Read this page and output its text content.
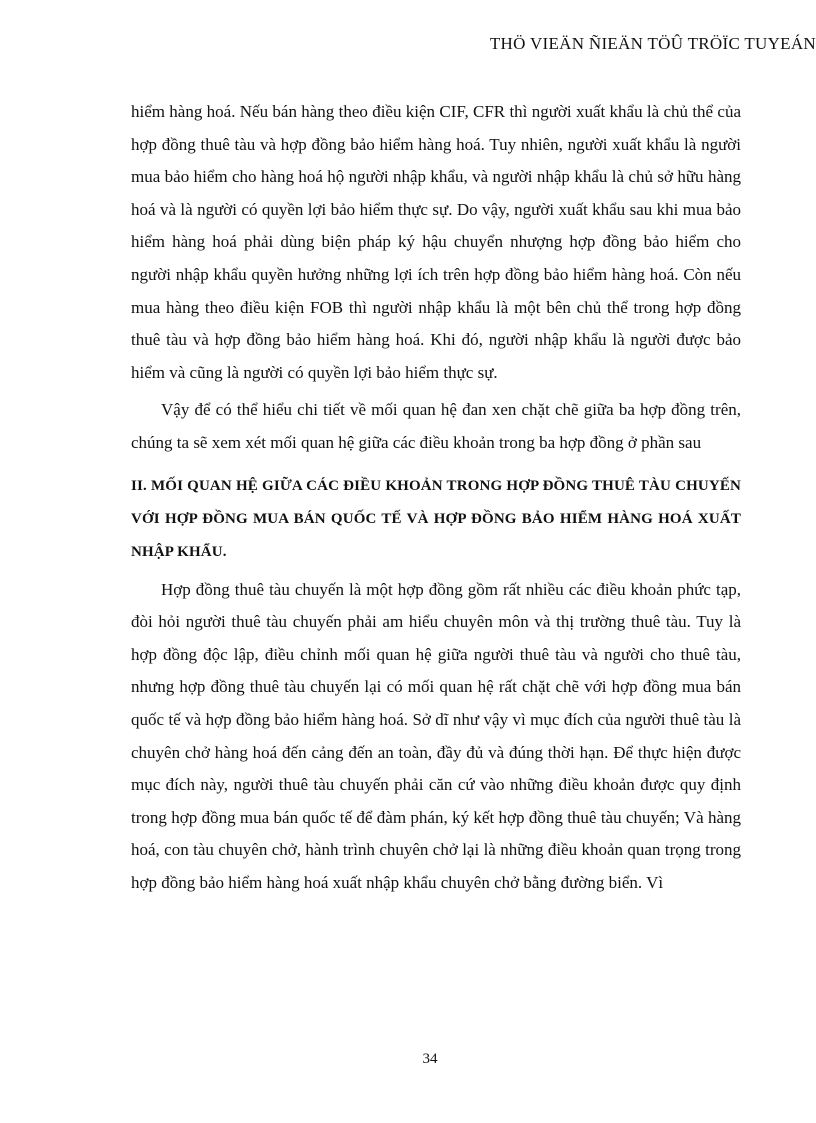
THÖ VIEÄN ÑIEÄN TÖÛ TRÖÏC TUYEÁN

hiểm hàng hoá. Nếu bán hàng theo điều kiện CIF, CFR thì người xuất khẩu là chủ thể của hợp đồng thuê tàu và hợp đồng bảo hiểm hàng hoá. Tuy nhiên, người xuất khẩu là người mua bảo hiểm cho hàng hoá hộ người nhập khẩu, và người nhập khẩu là chủ sở hữu hàng hoá và là người có quyền lợi bảo hiểm thực sự. Do vậy, người xuất khẩu sau khi mua bảo hiểm hàng hoá phải dùng biện pháp ký hậu chuyển nhượng hợp đồng bảo hiểm cho người nhập khẩu quyền hưởng những lợi ích trên hợp đồng bảo hiểm hàng hoá. Còn nếu mua hàng theo điều kiện FOB thì người nhập khẩu là một bên chủ thể trong hợp đồng thuê tàu và hợp đồng bảo hiểm hàng hoá. Khi đó, người nhập khẩu là người được bảo hiểm và cũng là người có quyền lợi bảo hiểm thực sự.

Vậy để có thể hiểu chi tiết về mối quan hệ đan xen chặt chẽ giữa ba hợp đồng trên, chúng ta sẽ xem xét mối quan hệ giữa các điều khoản trong ba hợp đồng ở phần sau

II. MỐI QUAN HỆ GIỮA CÁC ĐIỀU KHOẢN TRONG HỢP ĐỒNG THUÊ TÀU CHUYẾN VỚI HỢP ĐỒNG MUA BÁN QUỐC TẾ VÀ HỢP ĐỒNG BẢO HIỂM HÀNG HOÁ XUẤT NHẬP KHẨU.

Hợp đồng thuê tàu chuyến là một hợp đồng gồm rất nhiều các điều khoản phức tạp, đòi hỏi người thuê tàu chuyến phải am hiểu chuyên môn và thị trường thuê tàu. Tuy là hợp đồng độc lập, điều chỉnh mối quan hệ giữa người thuê tàu và người cho thuê tàu, nhưng hợp đồng thuê tàu chuyến lại có mối quan hệ rất chặt chẽ với hợp đồng mua bán quốc tế và hợp đồng bảo hiểm hàng hoá. Sở dĩ như vậy vì mục đích của người thuê tàu là chuyên chở hàng hoá đến cảng đến an toàn, đầy đủ và đúng thời hạn. Để thực hiện được mục đích này, người thuê tàu chuyến phải căn cứ vào những điều khoản được quy định trong hợp đồng mua bán quốc tế để đàm phán, ký kết hợp đồng thuê tàu chuyến; Và hàng hoá, con tàu chuyên chở, hành trình chuyên chở lại là những điều khoản quan trọng trong hợp đồng bảo hiểm hàng hoá xuất nhập khẩu chuyên chở bằng đường biển. Vì

34
